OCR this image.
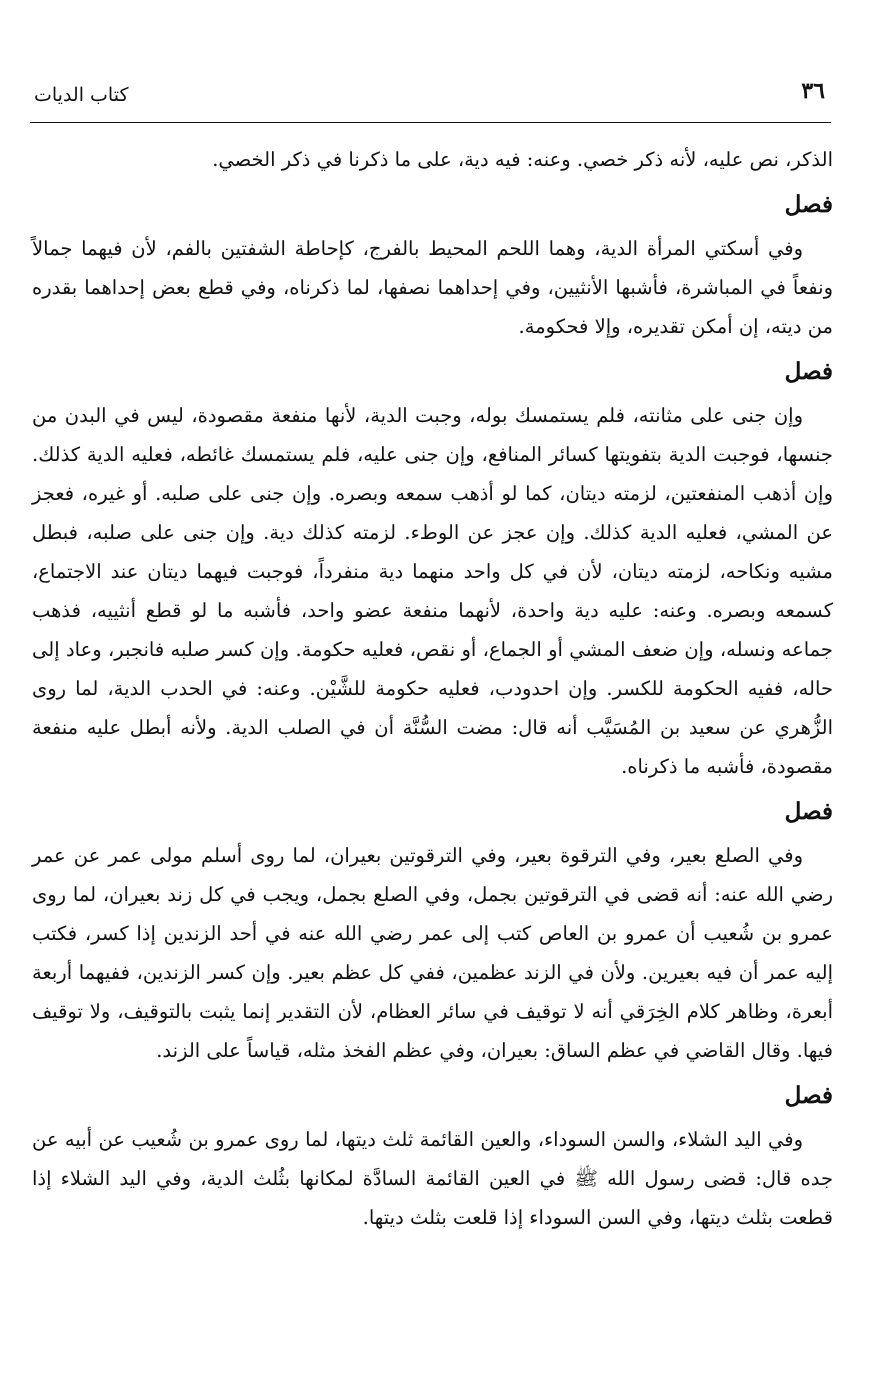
٣٦
كتاب الديات

الذكر، نص عليه، لأنه ذكر خصي. وعنه: فيه دية، على ما ذكرنا في ذكر الخصي.

فصل

وفي أسكتي المرأة الدية، وهما اللحم المحيط بالفرج، كإحاطة الشفتين بالفم، لأن فيهما جمالاً ونفعاً في المباشرة، فأشبها الأنثيين، وفي إحداهما نصفها، لما ذكرناه، وفي قطع بعض إحداهما بقدره من ديته، إن أمكن تقديره، وإلا فحكومة.

فصل

وإن جنى على مثانته، فلم يستمسك بوله، وجبت الدية، لأنها منفعة مقصودة، ليس في البدن من جنسها، فوجبت الدية بتفويتها كسائر المنافع، وإن جنى عليه، فلم يستمسك غائطه، فعليه الدية كذلك. وإن أذهب المنفعتين، لزمته ديتان، كما لو أذهب سمعه وبصره. وإن جنى على صلبه. أو غيره، فعجز عن المشي، فعليه الدية كذلك. وإن عجز عن الوطء. لزمته كذلك دية. وإن جنى على صلبه، فبطل مشيه ونكاحه، لزمته ديتان، لأن في كل واحد منهما دية منفرداً، فوجبت فيهما ديتان عند الاجتماع، كسمعه وبصره. وعنه: عليه دية واحدة، لأنهما منفعة عضو واحد، فأشبه ما لو قطع أنثييه، فذهب جماعه ونسله، وإن ضعف المشي أو الجماع، أو نقص، فعليه حكومة. وإن كسر صلبه فانجبر، وعاد إلى حاله، ففيه الحكومة للكسر. وإن احدودب، فعليه حكومة للشَّيْن. وعنه: في الحدب الدية، لما روى الزُّهري عن سعيد بن المُسَيَّب أنه قال: مضت السُّنَّة أن في الصلب الدية. ولأنه أبطل عليه منفعة مقصودة، فأشبه ما ذكرناه.

فصل

وفي الصلع بعير، وفي الترقوة بعير، وفي الترقوتين بعيران، لما روى أسلم مولى عمر عن عمر رضي الله عنه: أنه قضى في الترقوتين بجمل، وفي الصلع بجمل، ويجب في كل زند بعيران، لما روى عمرو بن شُعيب أن عمرو بن العاص كتب إلى عمر رضي الله عنه في أحد الزندين إذا كسر، فكتب إليه عمر أن فيه بعيرين. ولأن في الزند عظمين، ففي كل عظم بعير. وإن كسر الزندين، ففيهما أربعة أبعرة، وظاهر كلام الخِرَقي أنه لا توقيف في سائر العظام، لأن التقدير إنما يثبت بالتوقيف، ولا توقيف فيها. وقال القاضي في عظم الساق: بعيران، وفي عظم الفخذ مثله، قياساً على الزند.

فصل

وفي اليد الشلاء، والسن السوداء، والعين القائمة ثلث ديتها، لما روى عمرو بن شُعيب عن أبيه عن جده قال: قضى رسول الله ﷺ في العين القائمة السادَّة لمكانها بثُلث الدية، وفي اليد الشلاء إذا قطعت بثلث ديتها، وفي السن السوداء إذا قلعت بثلث ديتها.
